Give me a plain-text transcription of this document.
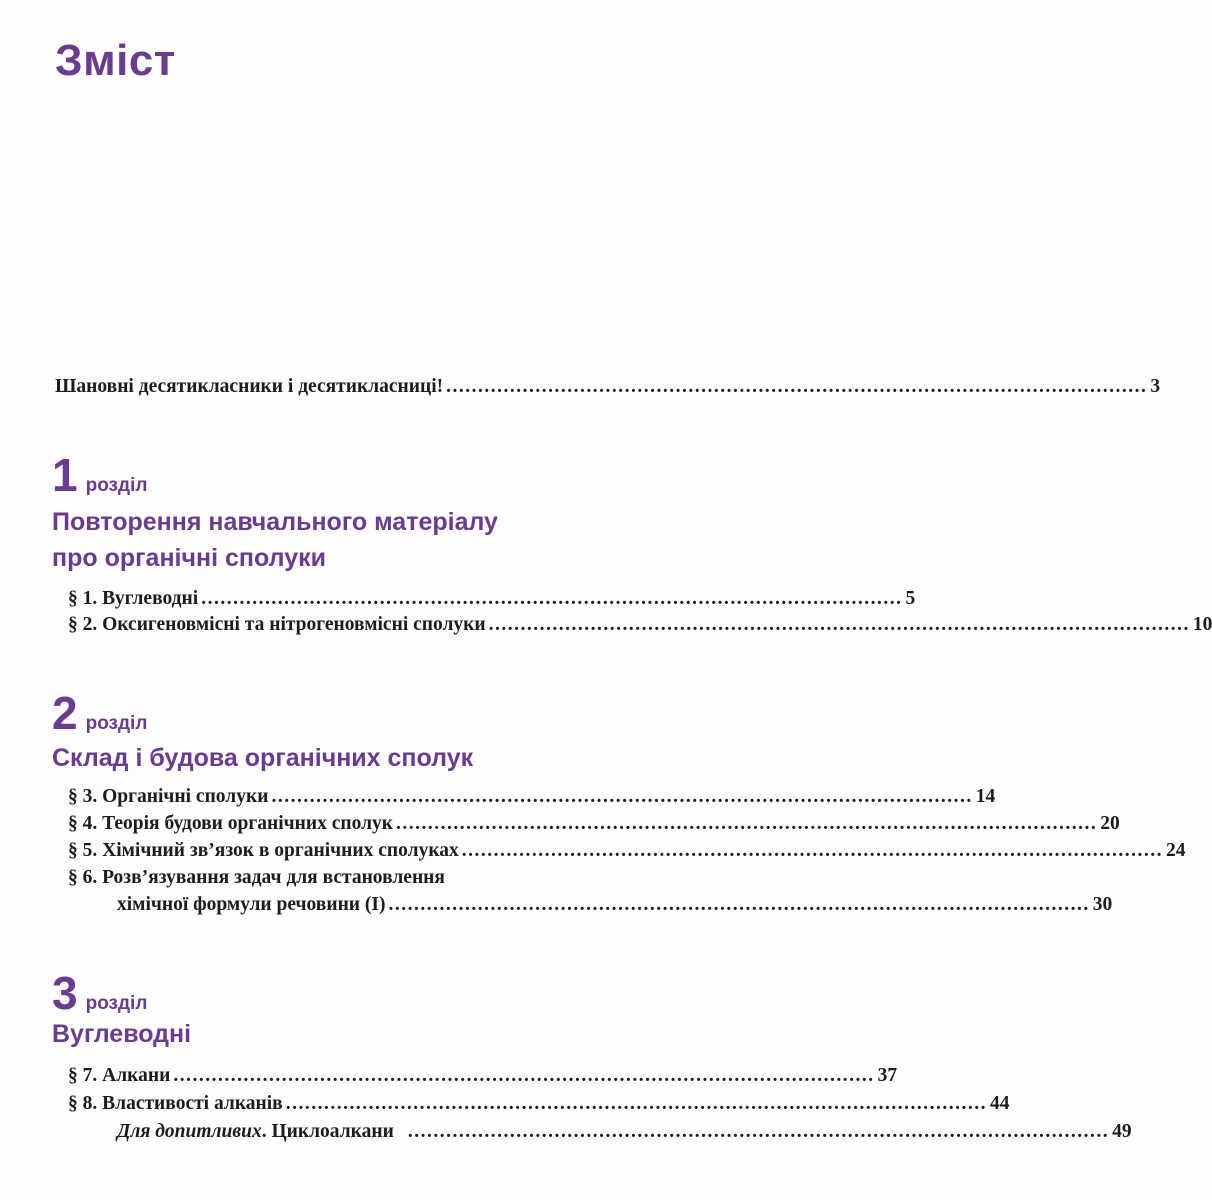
Зміст
Шановні десятикласники і десятикласниці! .............................................................................................................. 3
1 розділ
Повторення навчального матеріалу
про органічні сполуки
§ 1. Вуглеводні .............................................................................................................. 5
§ 2. Оксигеновмісні та нітрогеновмісні сполуки .............................................................................................................. 10
2 розділ
Склад і будова органічних сполук
§ 3. Органічні сполуки .............................................................................................................. 14
§ 4. Теорія будови органічних сполук .............................................................................................................. 20
§ 5. Хімічний зв’язок в органічних сполуках .............................................................................................................. 24
§ 6. Розв’язування задач для встановлення
хімічної формули речовини (І) .............................................................................................................. 30
3 розділ
Вуглеводні
§ 7. Алкани .............................................................................................................. 37
§ 8. Властивості алканів .............................................................................................................. 44
Для допитливих. Циклоалкани .............................................................................................................. 49
